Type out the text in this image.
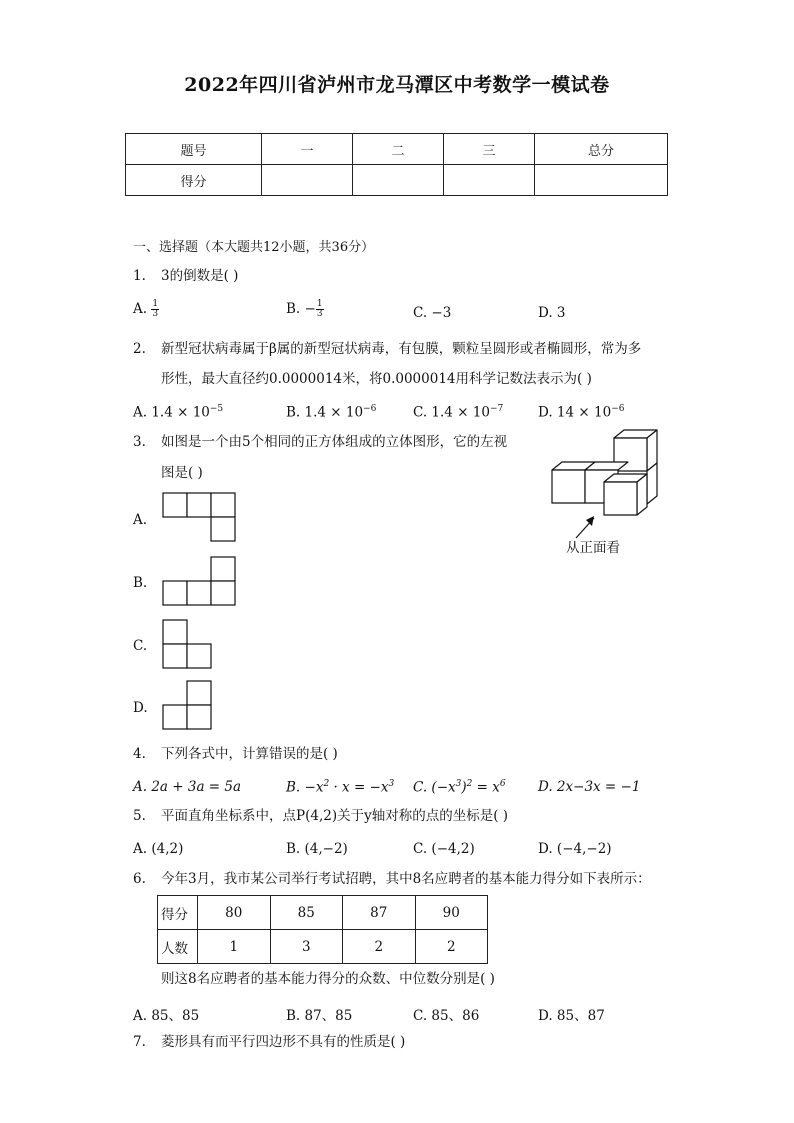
2022年四川省泸州市龙马潭区中考数学一模试卷
题号	一	二	三	总分
得分				
一、选择题（本大题共12小题，共36分）
1. 3的倒数是( )
A. $\frac{1}{3}$	B. − $\frac{1}{3}$	C. −3	D. 3
2. 新型冠状病毒属于β属的新型冠状病毒，有包膜，颗粒呈圆形或者椭圆形，常为多
形性，最大直径约0.0000014米，将0.0000014用科学记数法表示为( )
A. $1.4 \times 10^{-5}$	B. $1.4 \times 10^{-6}$	C. $1.4 \times 10^{-7}$	D. $14 \times 10^{-6}$
3. 如图是一个由5个相同的正方体组成的立体图形，它的左视
图是( )
从正面看
A.
B.
C.
D.
4. 下列各式中，计算错误的是( )
A. 2a + 3a = 5a	B. $-x^2 \cdot x = -x^3$ C. $(-x^3)^2 = x^6$ D. 2x−3x = −1
5. 平面直角坐标系中，点P(4,2)关于y轴对称的点的坐标是( )
A. (4,2)	B. (4,−2)	C. (−4,2)	D. (−4,−2)
6. 今年3月，我市某公司举行考试招聘，其中8名应聘者的基本能力得分如下表所示：
得分	80	85	87	90
人数	1	3	2	2
则这8名应聘者的基本能力得分的众数、中位数分别是( )
A. 85、85	B. 87、85	C. 85、86	D. 85、87
7. 菱形具有而平行四边形不具有的性质是( )
